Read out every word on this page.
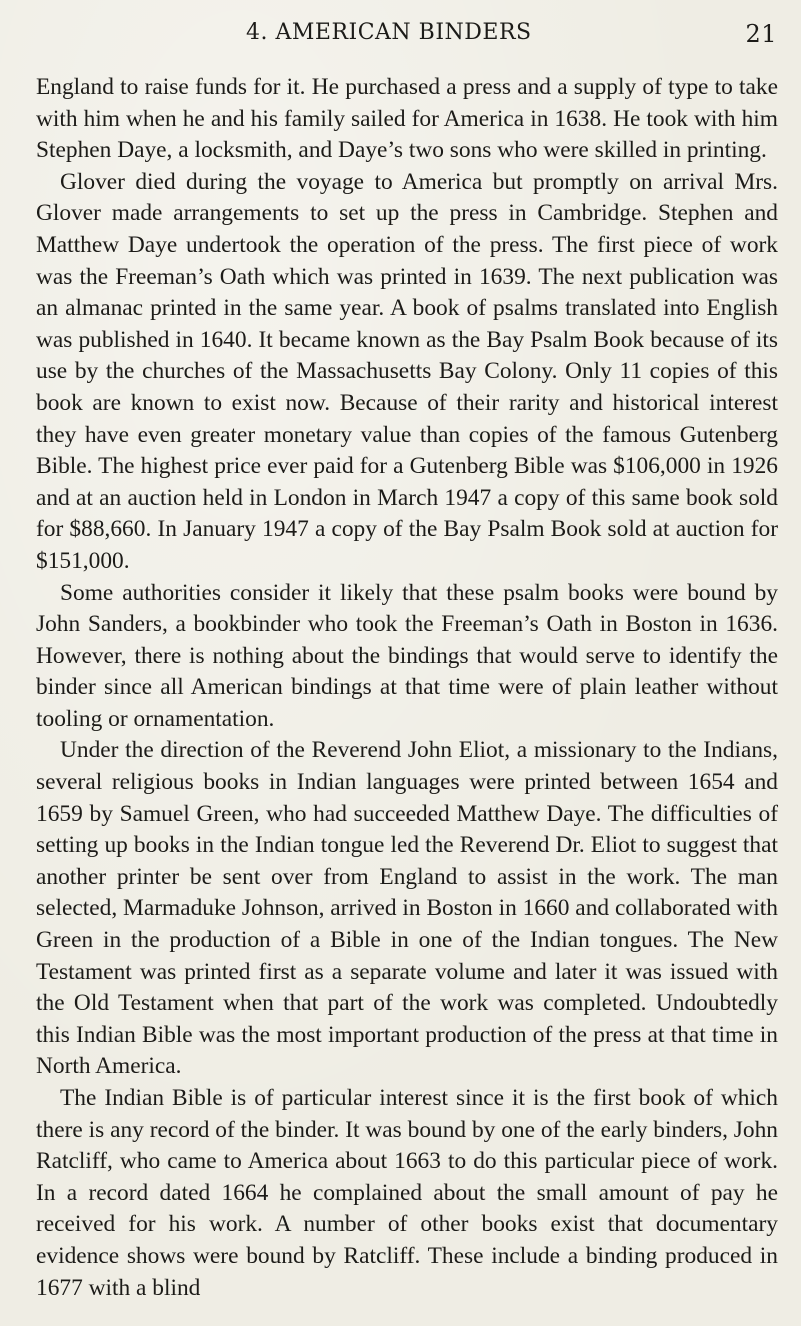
4. AMERICAN BINDERS	21

England to raise funds for it. He purchased a press and a supply of type to take with him when he and his family sailed for America in 1638. He took with him Stephen Daye, a locksmith, and Daye’s two sons who were skilled in printing.

Glover died during the voyage to America but promptly on arrival Mrs. Glover made arrangements to set up the press in Cambridge. Stephen and Matthew Daye undertook the operation of the press. The first piece of work was the Freeman’s Oath which was printed in 1639. The next publication was an almanac printed in the same year. A book of psalms translated into English was published in 1640. It became known as the Bay Psalm Book because of its use by the churches of the Massachusetts Bay Colony. Only 11 copies of this book are known to exist now. Because of their rarity and historical interest they have even greater monetary value than copies of the famous Gutenberg Bible. The highest price ever paid for a Gutenberg Bible was $106,000 in 1926 and at an auction held in London in March 1947 a copy of this same book sold for $88,660. In January 1947 a copy of the Bay Psalm Book sold at auction for $151,000.

Some authorities consider it likely that these psalm books were bound by John Sanders, a bookbinder who took the Freeman’s Oath in Boston in 1636. However, there is nothing about the bindings that would serve to identify the binder since all American bindings at that time were of plain leather without tooling or ornamentation.

Under the direction of the Reverend John Eliot, a missionary to the Indians, several religious books in Indian languages were printed between 1654 and 1659 by Samuel Green, who had succeeded Matthew Daye. The difficulties of setting up books in the Indian tongue led the Reverend Dr. Eliot to suggest that another printer be sent over from England to assist in the work. The man selected, Marmaduke Johnson, arrived in Boston in 1660 and collaborated with Green in the production of a Bible in one of the Indian tongues. The New Testament was printed first as a separate volume and later it was issued with the Old Testament when that part of the work was completed. Undoubtedly this Indian Bible was the most important production of the press at that time in North America.

The Indian Bible is of particular interest since it is the first book of which there is any record of the binder. It was bound by one of the early binders, John Ratcliff, who came to America about 1663 to do this particular piece of work. In a record dated 1664 he complained about the small amount of pay he received for his work. A number of other books exist that documentary evidence shows were bound by Ratcliff. These include a binding produced in 1677 with a blind
